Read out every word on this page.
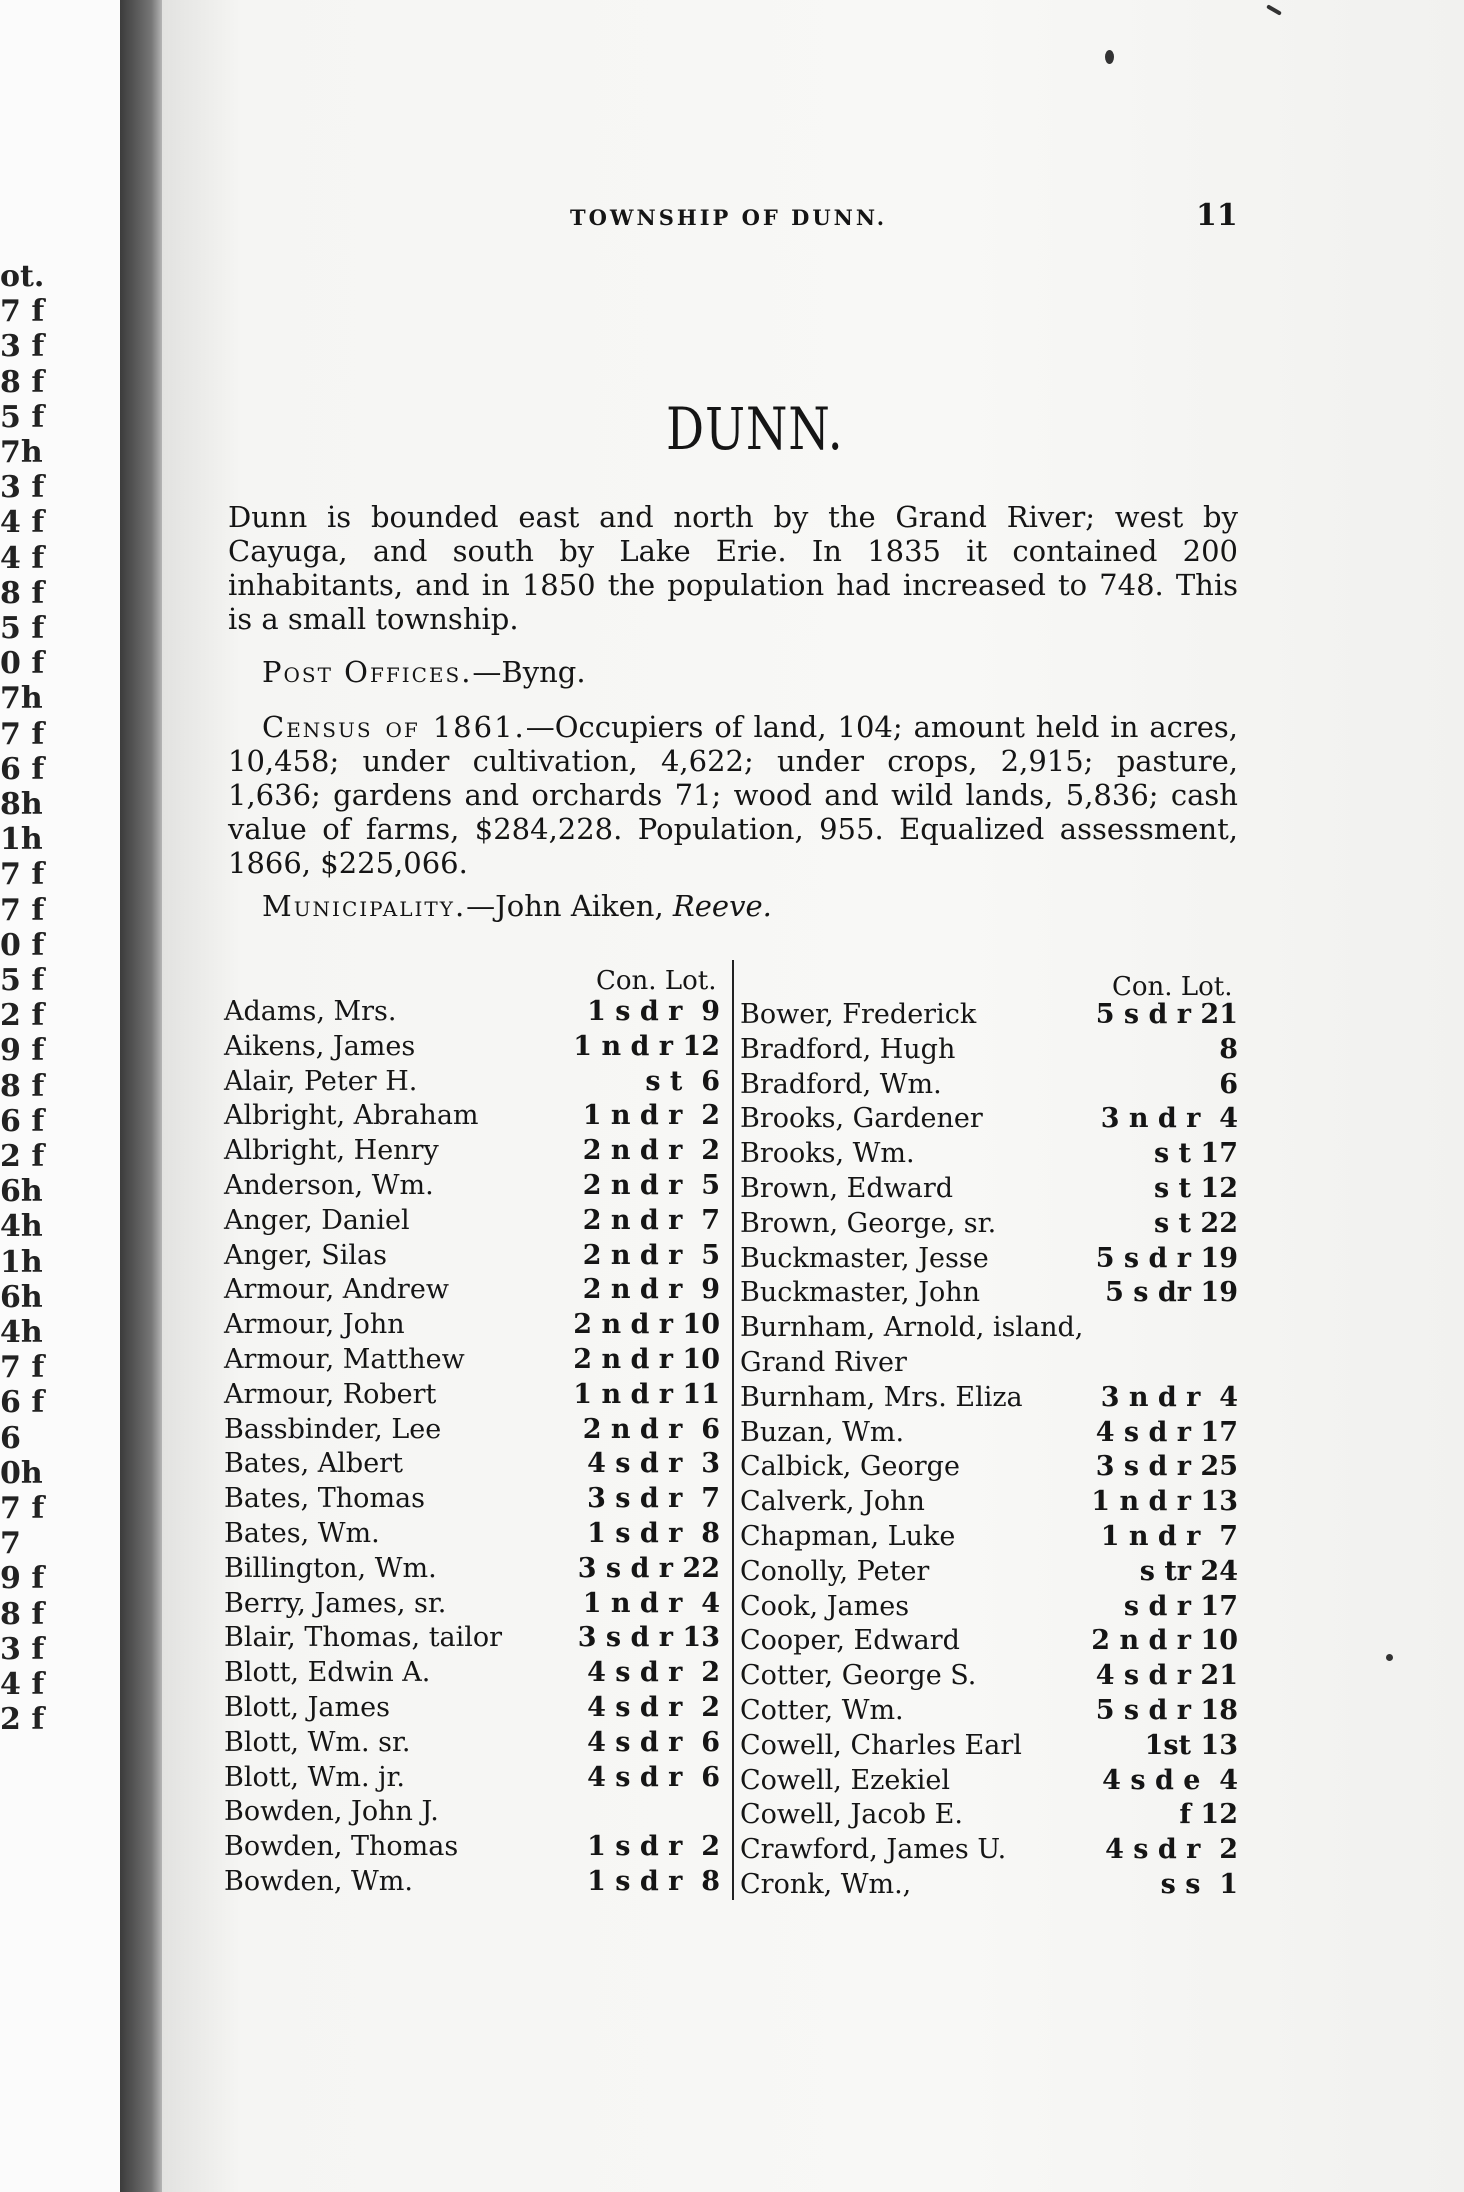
ot.
7 f
3 f
8 f
5 f
7h
3 f
4 f
4 f
8 f
5 f
0 f
7h
7 f
6 f
8h
1h
7 f
7 f
0 f
5 f
2 f
9 f
8 f
6 f
2 f
6h
4h
1h
6h
4h
7 f
6 f
6
0h
7 f
7
9 f
8 f
3 f
4 f
2 f
TOWNSHIP OF DUNN.	11
DUNN.
Dunn is bounded east and north by the Grand River; west by Cayuga, and south by Lake Erie. In 1835 it contained 200 inhabitants, and in 1850 the population had increased to 748. This is a small township.
Post Offices.—Byng.
Census of 1861.—Occupiers of land, 104; amount held in acres, 10,458; under cultivation, 4,622; under crops, 2,915; pasture, 1,636; gardens and orchards 71; wood and wild lands, 5,836; cash value of farms, $284,228. Population, 955. Equalized assessment, 1866, $225,066.
Municipality.—John Aiken, Reeve.
Con. Lot.	Con. Lot.
Adams, Mrs.	1 s d r  9
Aikens, James	1 n d r 12
Alair, Peter H.	s t  6
Albright, Abraham	1 n d r  2
Albright, Henry	2 n d r  2
Anderson, Wm.	2 n d r  5
Anger, Daniel	2 n d r  7
Anger, Silas	2 n d r  5
Armour, Andrew	2 n d r  9
Armour, John	2 n d r 10
Armour, Matthew	2 n d r 10
Armour, Robert	1 n d r 11
Bassbinder, Lee	2 n d r  6
Bates, Albert	4 s d r  3
Bates, Thomas	3 s d r  7
Bates, Wm.	1 s d r  8
Billington, Wm.	3 s d r 22
Berry, James, sr.	1 n d r  4
Blair, Thomas, tailor	3 s d r 13
Blott, Edwin A.	4 s d r  2
Blott, James	4 s d r  2
Blott, Wm. sr.	4 s d r  6
Blott, Wm. jr.	4 s d r  6
Bowden, John J.
Bowden, Thomas	1 s d r  2
Bowden, Wm.	1 s d r  8
Bower, Frederick	5 s d r 21
Bradford, Hugh	8
Bradford, Wm.	6
Brooks, Gardener	3 n d r  4
Brooks, Wm.	s t 17
Brown, Edward	s t 12
Brown, George, sr.	s t 22
Buckmaster, Jesse	5 s d r 19
Buckmaster, John	5 s dr 19
Burnham, Arnold, island,
Grand River
Burnham, Mrs. Eliza	3 n d r  4
Buzan, Wm.	4 s d r 17
Calbick, George	3 s d r 25
Calverk, John	1 n d r 13
Chapman, Luke	1 n d r  7
Conolly, Peter	s tr 24
Cook, James	s d r 17
Cooper, Edward	2 n d r 10
Cotter, George S.	4 s d r 21
Cotter, Wm.	5 s d r 18
Cowell, Charles Earl	1st 13
Cowell, Ezekiel	4 s d e  4
Cowell, Jacob E.	f 12
Crawford, James U.	4 s d r  2
Cronk, Wm.,	s s  1
